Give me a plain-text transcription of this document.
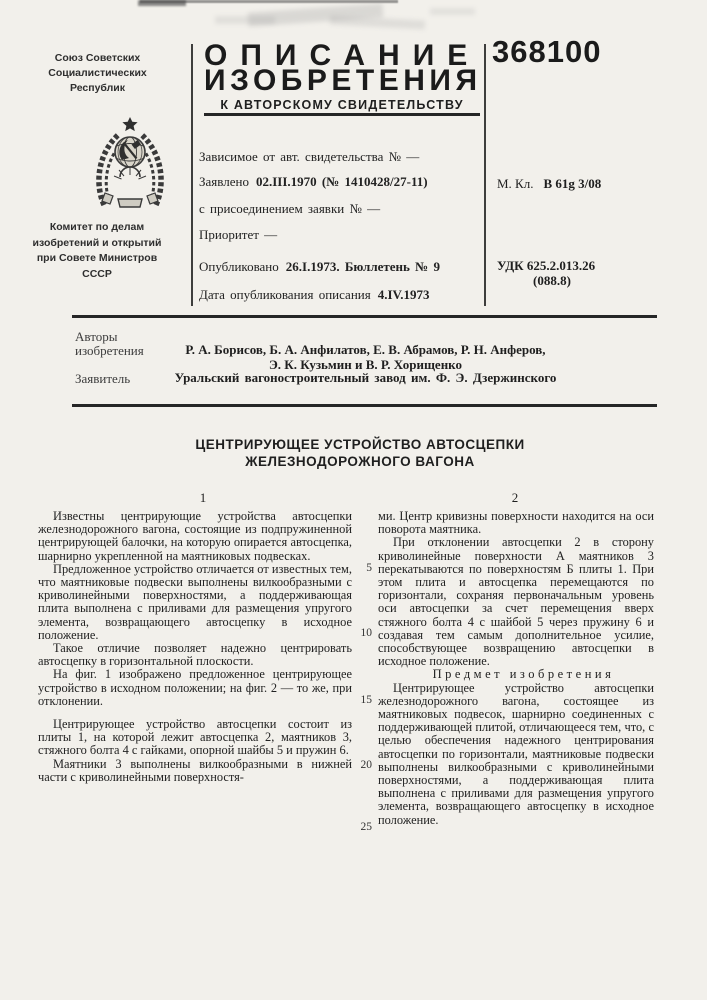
Союз Советских
Социалистических
Республик
Комитет по делам
изобретений и открытий
при Совете Министров
СССР
ОПИСАНИЕ
ИЗОБРЕТЕНИЯ
К АВТОРСКОМУ СВИДЕТЕЛЬСТВУ
Зависимое от авт. свидетельства № —
Заявлено 02.III.1970 (№ 1410428/27-11)
с присоединением заявки № —
Приоритет —
Опубликовано 26.I.1973. Бюллетень № 9
Дата опубликования описания 4.IV.1973
368100
М. Кл. В 61g 3/08
УДК 625.2.013.26
(088.8)
Авторы
изобретения	Р. А. Борисов, Б. А. Анфилатов, Е. В. Абрамов, Р. Н. Анферов,
Э. К. Кузьмин и В. Р. Хорищенко
Заявитель	Уральский вагоностроительный завод им. Ф. Э. Дзержинского
ЦЕНТРИРУЮЩЕЕ УСТРОЙСТВО АВТОСЦЕПКИ
ЖЕЛЕЗНОДОРОЖНОГО ВАГОНА
1	2

Известны центрирующие устройства автосцепки железнодорожного вагона, состоящие из подпружиненной центрирующей балочки, на которую опирается автосцепка, шарнирно укрепленной на маятниковых подвесках.

Предложенное устройство отличается от известных тем, что маятниковые подвески выполнены вилкообразными с криволинейными поверхностями, а поддерживающая плита выполнена с приливами для размещения упругого элемента, возвращающего автосцепку в исходное положение.

Такое отличие позволяет надежно центрировать автосцепку в горизонтальной плоскости.

На фиг. 1 изображено предложенное центрирующее устройство в исходном положении; на фиг. 2 — то же, при отклонении.

Центрирующее устройство автосцепки состоит из плиты 1, на которой лежит автосцепка 2, маятников 3, стяжного болта 4 с гайками, опорной шайбы 5 и пружин 6.

Маятники 3 выполнены вилкообразными в нижней части с криволинейными поверхностя-

ми. Центр кривизны поверхности находится на оси поворота маятника.

При отклонении автосцепки 2 в сторону криволинейные поверхности А маятников 3 перекатываются по поверхностям Б плиты 1. При этом плита и автосцепка перемещаются по горизонтали, сохраняя первоначальным уровень оси автосцепки за счет перемещения вверх стяжного болта 4 с шайбой 5 через пружину 6 и создавая тем самым дополнительное усилие, способствующее возвращению автосцепки в исходное положение.

Предмет изобретения

Центрирующее устройство автосцепки железнодорожного вагона, состоящее из маятниковых подвесок, шарнирно соединенных с поддерживающей плитой, отличающееся тем, что, с целью обеспечения надежного центрирования автосцепки по горизонтали, маятниковые подвески выполнены вилкообразными с криволинейными поверхностями, а поддерживающая плита выполнена с приливами для размещения упругого элемента, возвращающего автосцепку в исходное положение.

5
10
15
20
25
